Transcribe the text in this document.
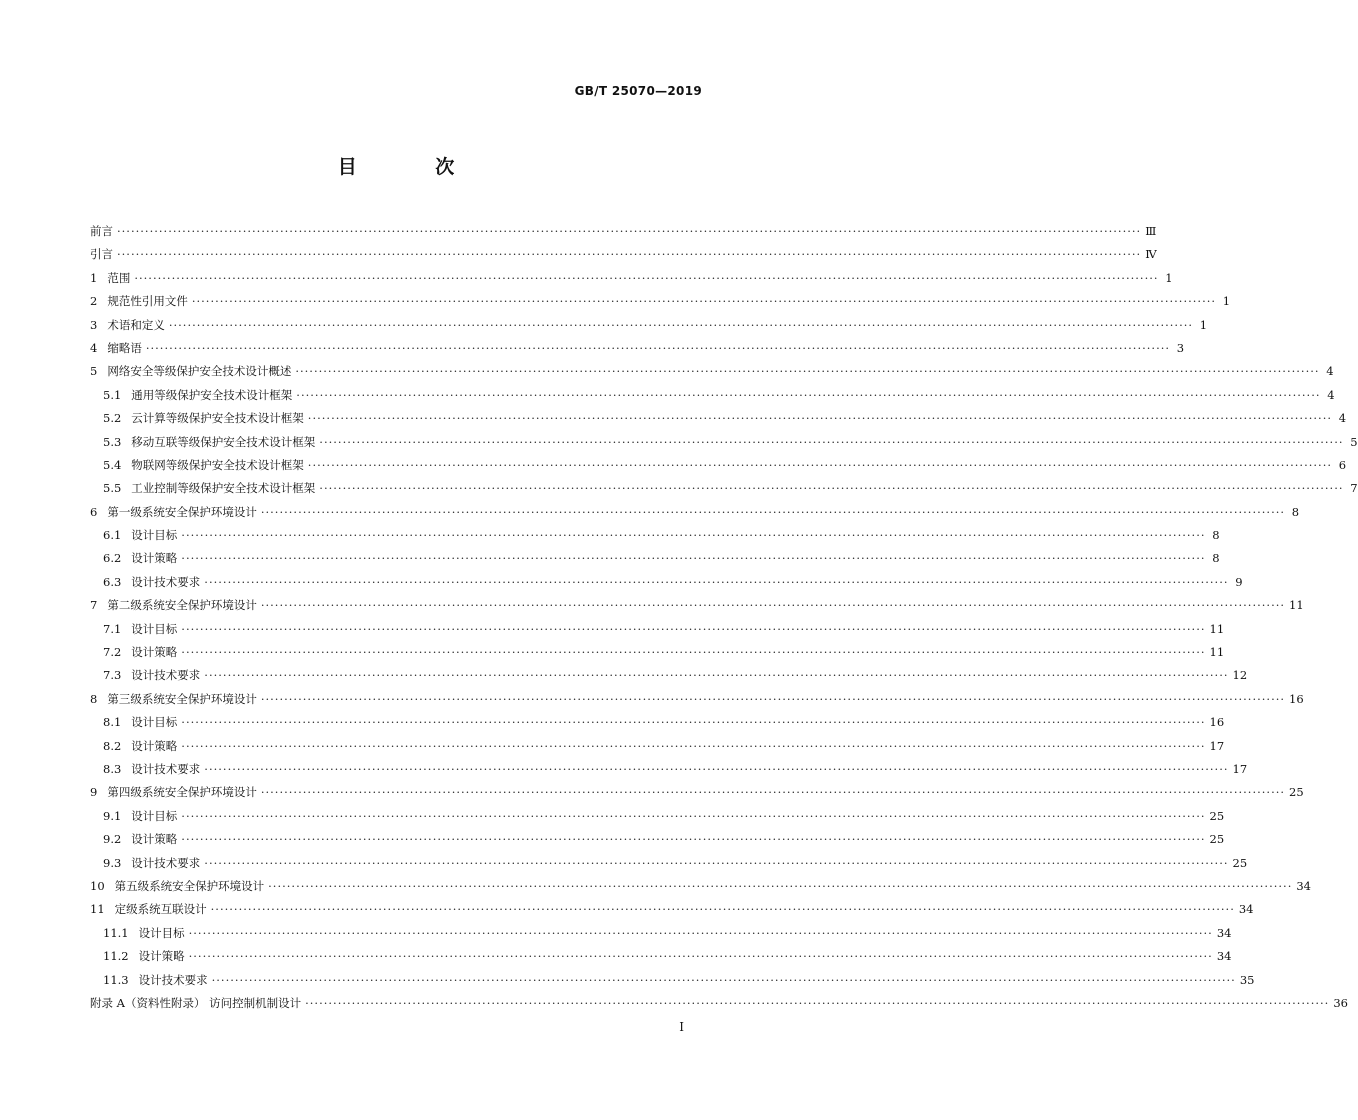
GB/T 25070—2019
目 次
前言 ···························································································································································································································· Ⅲ
引言 ···························································································································································································································· Ⅳ
1 范围 ···························································································································································································································· 1
2 规范性引用文件 ···························································································································································································································· 1
3 术语和定义 ···························································································································································································································· 1
4 缩略语 ···························································································································································································································· 3
5 网络安全等级保护安全技术设计概述 ···························································································································································································································· 4
5.1 通用等级保护安全技术设计框架 ···························································································································································································································· 4
5.2 云计算等级保护安全技术设计框架 ···························································································································································································································· 4
5.3 移动互联等级保护安全技术设计框架 ···························································································································································································································· 5
5.4 物联网等级保护安全技术设计框架 ···························································································································································································································· 6
5.5 工业控制等级保护安全技术设计框架 ···························································································································································································································· 7
6 第一级系统安全保护环境设计 ···························································································································································································································· 8
6.1 设计目标 ···························································································································································································································· 8
6.2 设计策略 ···························································································································································································································· 8
6.3 设计技术要求 ···························································································································································································································· 9
7 第二级系统安全保护环境设计 ···························································································································································································································· 11
7.1 设计目标 ···························································································································································································································· 11
7.2 设计策略 ···························································································································································································································· 11
7.3 设计技术要求 ···························································································································································································································· 12
8 第三级系统安全保护环境设计 ···························································································································································································································· 16
8.1 设计目标 ···························································································································································································································· 16
8.2 设计策略 ···························································································································································································································· 17
8.3 设计技术要求 ···························································································································································································································· 17
9 第四级系统安全保护环境设计 ···························································································································································································································· 25
9.1 设计目标 ···························································································································································································································· 25
9.2 设计策略 ···························································································································································································································· 25
9.3 设计技术要求 ···························································································································································································································· 25
10 第五级系统安全保护环境设计 ···························································································································································································································· 34
11 定级系统互联设计 ···························································································································································································································· 34
11.1 设计目标 ···························································································································································································································· 34
11.2 设计策略 ···························································································································································································································· 34
11.3 设计技术要求 ···························································································································································································································· 35
附录 A（资料性附录） 访问控制机制设计 ···························································································································································································································· 36
Ⅰ
